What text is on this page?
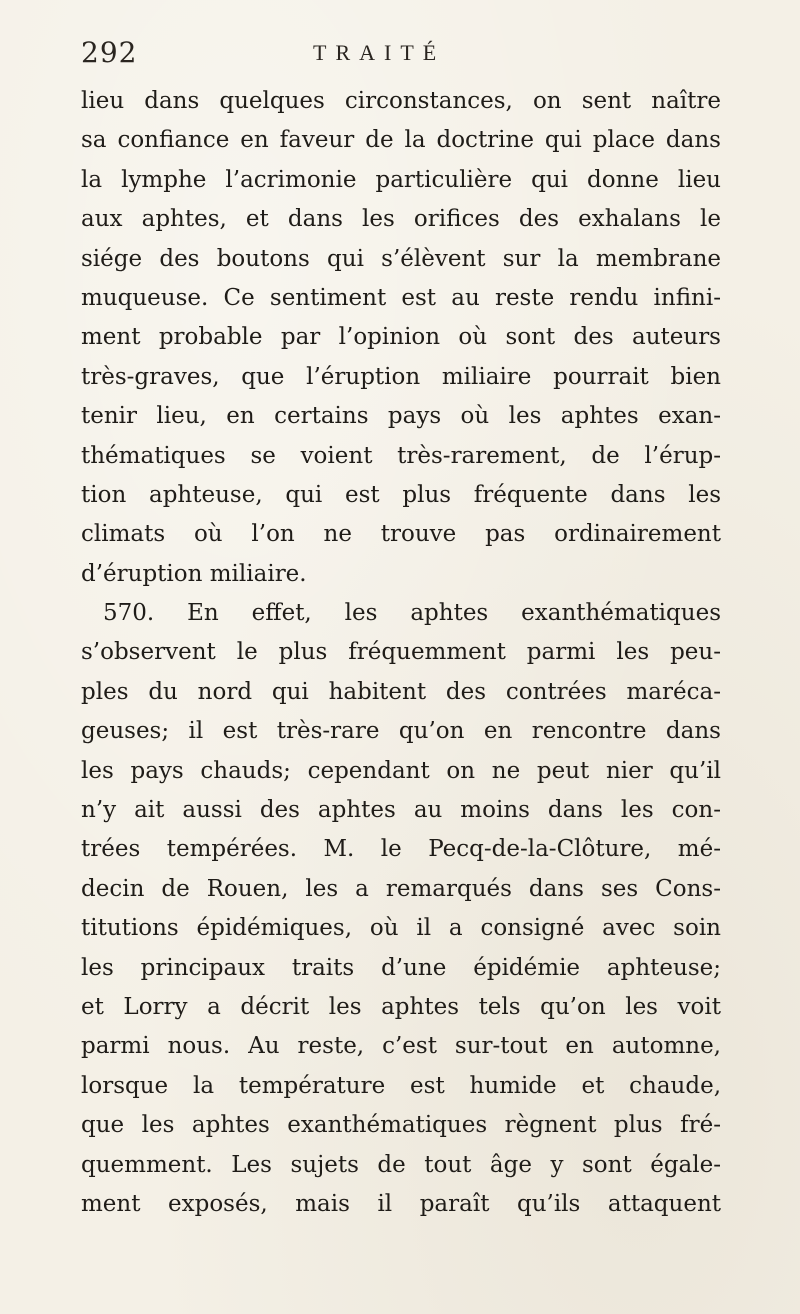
292	TRAITÉ
lieu dans quelques circonstances, on sent naître
sa confiance en faveur de la doctrine qui place dans
la lymphe l’acrimonie particulière qui donne lieu
aux aphtes, et dans les orifices des exhalans le
siége des boutons qui s’élèvent sur la membrane
muqueuse. Ce sentiment est au reste rendu infini-
ment probable par l’opinion où sont des auteurs
très-graves, que l’éruption miliaire pourrait bien
tenir lieu, en certains pays où les aphtes exan-
thématiques se voient très-rarement, de l’érup-
tion aphteuse, qui est plus fréquente dans les
climats où l’on ne trouve pas ordinairement
d’éruption miliaire.
570. En effet, les aphtes exanthématiques
s’observent le plus fréquemment parmi les peu-
ples du nord qui habitent des contrées maréca-
geuses; il est très-rare qu’on en rencontre dans
les pays chauds; cependant on ne peut nier qu’il
n’y ait aussi des aphtes au moins dans les con-
trées tempérées. M. le Pecq-de-la-Clôture, mé-
decin de Rouen, les a remarqués dans ses Cons-
titutions épidémiques, où il a consigné avec soin
les principaux traits d’une épidémie aphteuse;
et Lorry a décrit les aphtes tels qu’on les voit
parmi nous. Au reste, c’est sur-tout en automne,
lorsque la température est humide et chaude,
que les aphtes exanthématiques règnent plus fré-
quemment. Les sujets de tout âge y sont égale-
ment exposés, mais il paraît qu’ils attaquent
